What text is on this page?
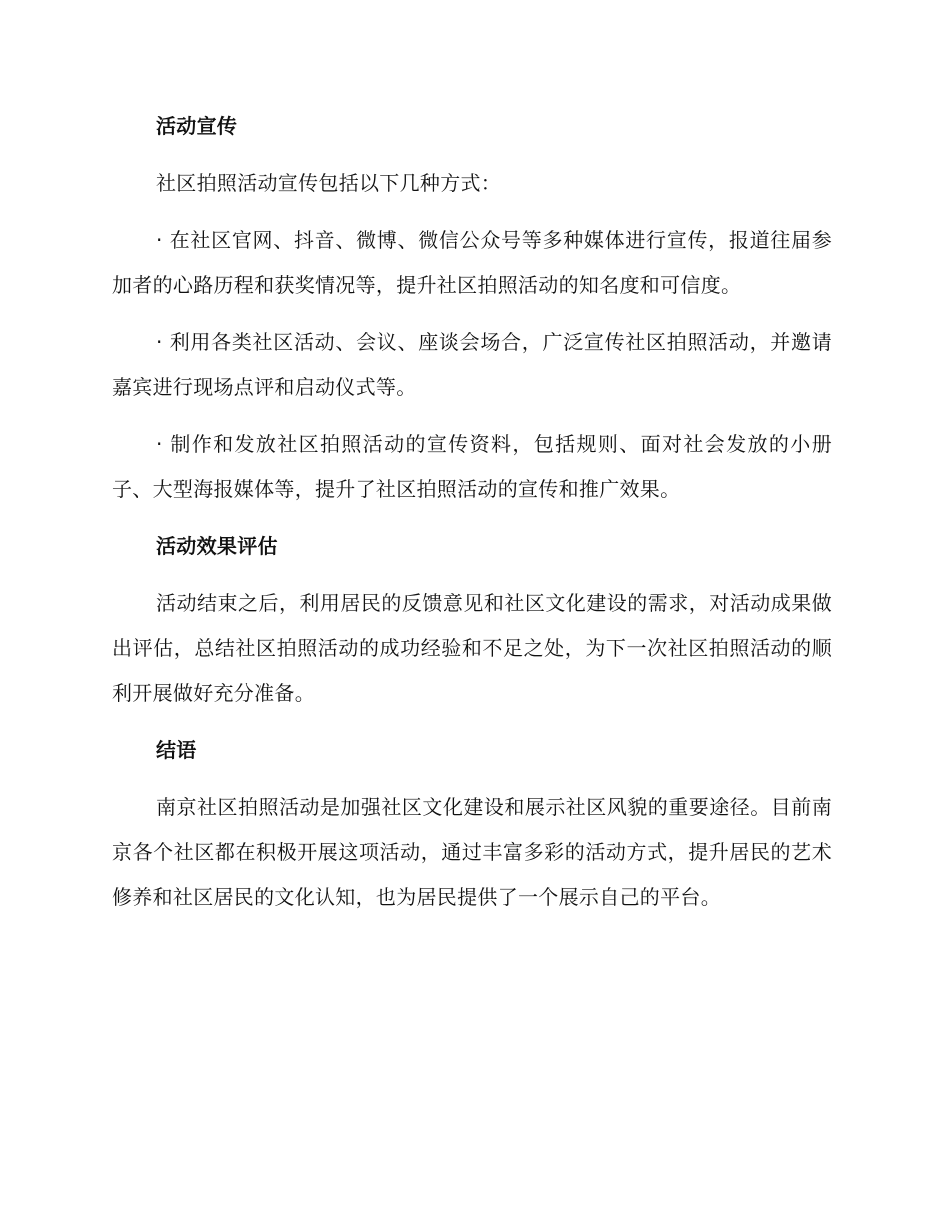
活动宣传

社区拍照活动宣传包括以下几种方式：

· 在社区官网、抖音、微博、微信公众号等多种媒体进行宣传，报道往届参加者的心路历程和获奖情况等，提升社区拍照活动的知名度和可信度。

· 利用各类社区活动、会议、座谈会场合，广泛宣传社区拍照活动，并邀请嘉宾进行现场点评和启动仪式等。

· 制作和发放社区拍照活动的宣传资料，包括规则、面对社会发放的小册子、大型海报媒体等，提升了社区拍照活动的宣传和推广效果。

活动效果评估

活动结束之后，利用居民的反馈意见和社区文化建设的需求，对活动成果做出评估，总结社区拍照活动的成功经验和不足之处，为下一次社区拍照活动的顺利开展做好充分准备。

结语

南京社区拍照活动是加强社区文化建设和展示社区风貌的重要途径。目前南京各个社区都在积极开展这项活动，通过丰富多彩的活动方式，提升居民的艺术修养和社区居民的文化认知，也为居民提供了一个展示自己的平台。
